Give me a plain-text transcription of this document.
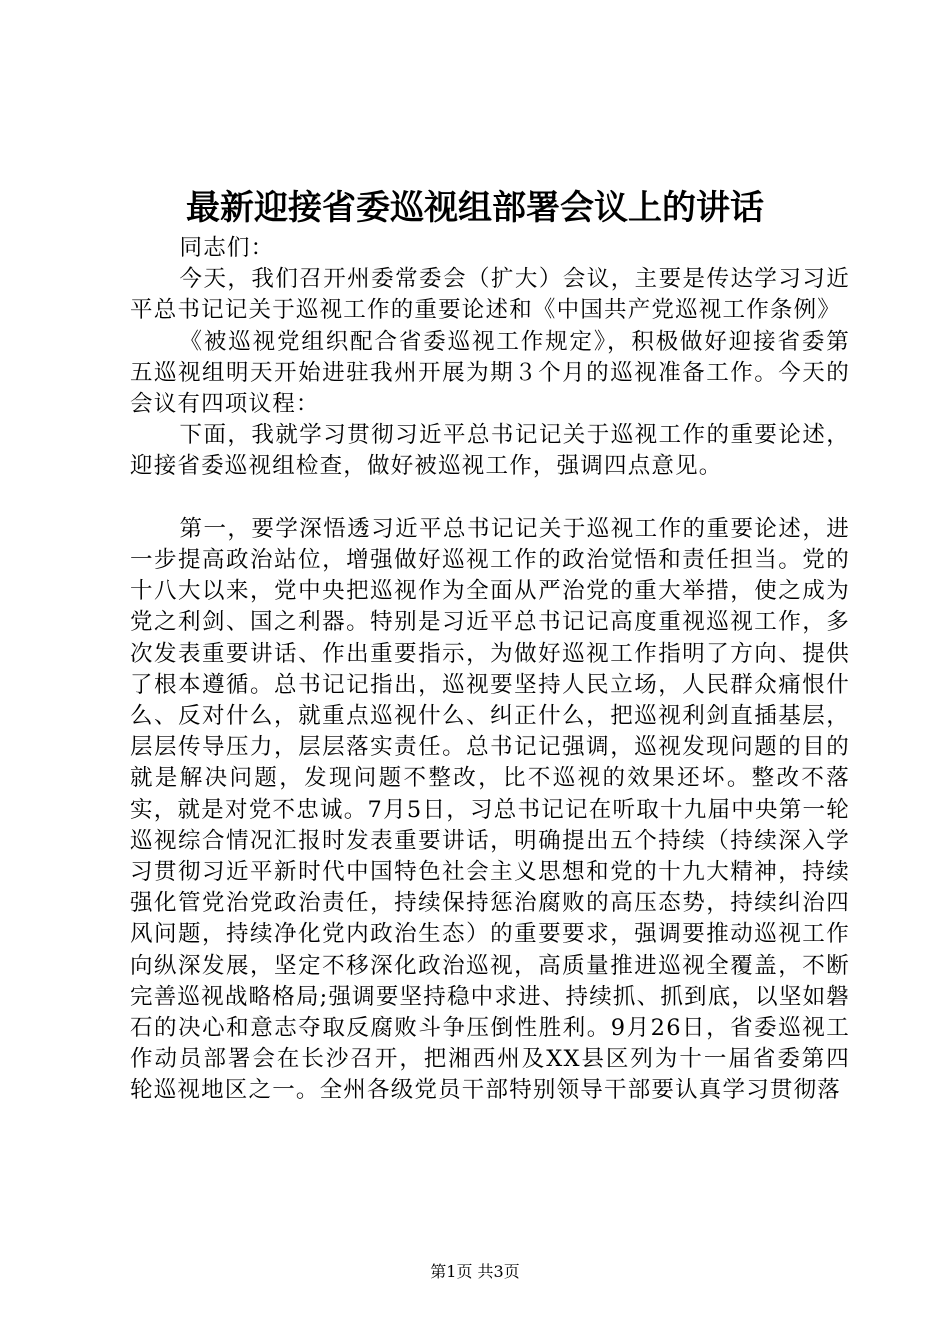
最新迎接省委巡视组部署会议上的讲话

同志们：

今天，我们召开州委常委会（扩大）会议，主要是传达学习习近平总书记记关于巡视工作的重要论述和《中国共产党巡视工作条例》

《被巡视党组织配合省委巡视工作规定》，积极做好迎接省委第五巡视组明天开始进驻我州开展为期３个月的巡视准备工作。今天的会议有四项议程：

下面，我就学习贯彻习近平总书记记关于巡视工作的重要论述，迎接省委巡视组检查，做好被巡视工作，强调四点意见。

第一，要学深悟透习近平总书记记关于巡视工作的重要论述，进一步提高政治站位，增强做好巡视工作的政治觉悟和责任担当。党的十八大以来，党中央把巡视作为全面从严治党的重大举措，使之成为党之利剑、国之利器。特别是习近平总书记记高度重视巡视工作，多次发表重要讲话、作出重要指示，为做好巡视工作指明了方向、提供了根本遵循。总书记记指出，巡视要坚持人民立场，人民群众痛恨什么、反对什么，就重点巡视什么、纠正什么，把巡视利剑直插基层，层层传导压力，层层落实责任。总书记记强调，巡视发现问题的目的就是解决问题，发现问题不整改，比不巡视的效果还坏。整改不落实，就是对党不忠诚。7月5日，习总书记记在听取十九届中央第一轮巡视综合情况汇报时发表重要讲话，明确提出五个持续（持续深入学习贯彻习近平新时代中国特色社会主义思想和党的十九大精神，持续强化管党治党政治责任，持续保持惩治腐败的高压态势，持续纠治四风问题，持续净化党内政治生态）的重要要求，强调要推动巡视工作向纵深发展，坚定不移深化政治巡视，高质量推进巡视全覆盖，不断完善巡视战略格局;强调要坚持稳中求进、持续抓、抓到底，以坚如磐石的决心和意志夺取反腐败斗争压倒性胜利。9月26日，省委巡视工作动员部署会在长沙召开，把湘西州及XX县区列为十一届省委第四轮巡视地区之一。全州各级党员干部特别领导干部要认真学习贯彻落

第1页 共3页
